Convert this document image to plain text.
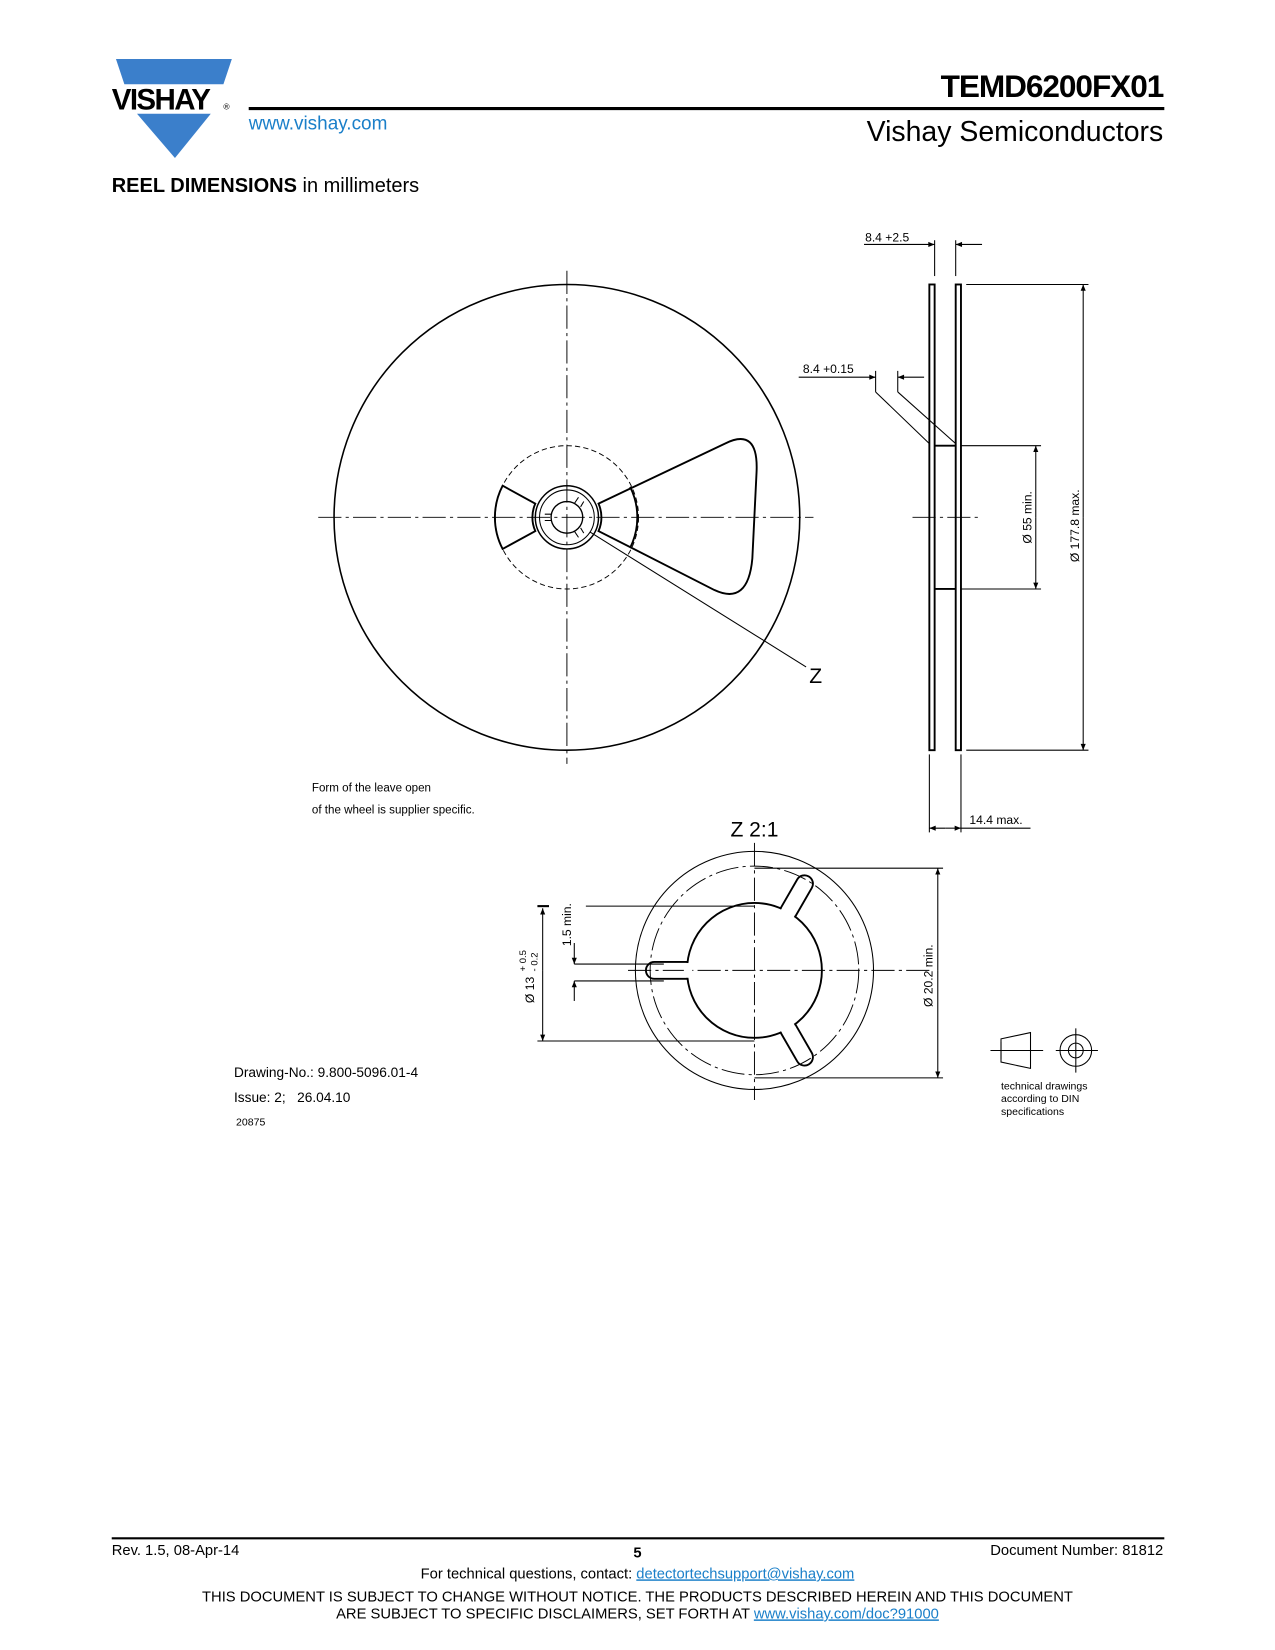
VISHAY ®
www.vishay.com
TEMD6200FX01
Vishay Semiconductors
REEL DIMENSIONS in millimeters
Z
Form of the leave open
of the wheel is supplier specific.
8.4 +2.5
8.4 +0.15
Ø 55 min.	Ø 177.8 max.
14.4 max.
Z 2:1
Ø 20.2 min.
Ø 13
+ 0.5 - 0.2
1.5 min.
technical drawings
according to DIN
specifications
Drawing-No.: 9.800-5096.01-4
Issue: 2;   26.04.10
20875
Rev. 1.5, 08-Apr-14	5	Document Number: 81812
For technical questions, contact: detectortechsupport@vishay.com
THIS DOCUMENT IS SUBJECT TO CHANGE WITHOUT NOTICE. THE PRODUCTS DESCRIBED HEREIN AND THIS DOCUMENT
ARE SUBJECT TO SPECIFIC DISCLAIMERS, SET FORTH AT www.vishay.com/doc?91000
